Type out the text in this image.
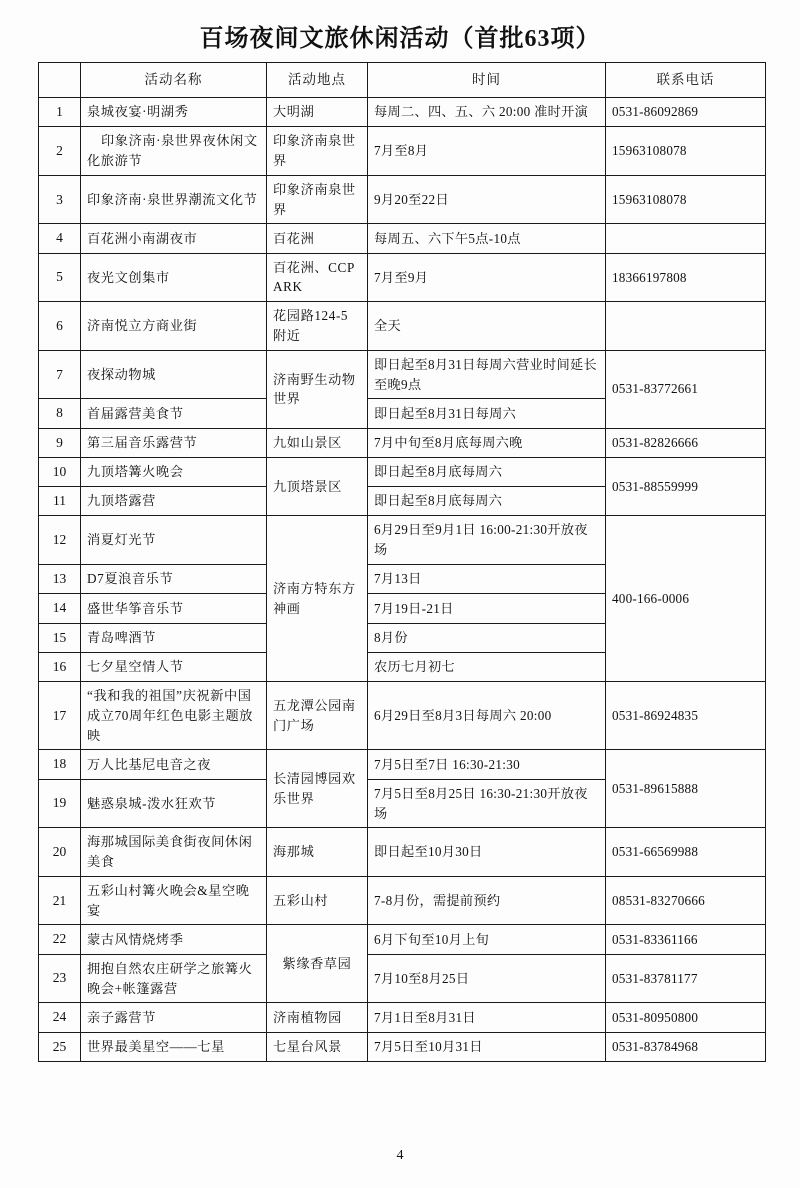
百场夜间文旅休闲活动（首批63项）
	活动名称	活动地点	时间	联系电话
1	泉城夜宴·明湖秀	大明湖	每周二、四、五、六 20:00 准时开演	0531-86092869
2	印象济南·泉世界夜休闲文化旅游节	印象济南泉世界	7月至8月	15963108078
3	印象济南·泉世界潮流文化节	印象济南泉世界	9月20至22日	15963108078
4	百花洲小南湖夜市	百花洲	每周五、六下午5点-10点	
5	夜光文创集市	百花洲、CCPARK	7月至9月	18366197808
6	济南悦立方商业街	花园路124-5附近	全天	
7	夜探动物城	济南野生动物世界	即日起至8月31日每周六营业时间延长至晚9点	0531-83772661
8	首届露营美食节		即日起至8月31日每周六	
9	第三届音乐露营节	九如山景区	7月中旬至8月底每周六晚	0531-82826666
10	九顶塔篝火晚会	九顶塔景区	即日起至8月底每周六	0531-88559999
11	九顶塔露营		即日起至8月底每周六	
12	消夏灯光节	济南方特东方神画	6月29日至9月1日 16:00-21:30开放夜场	400-166-0006
13	D7夏浪音乐节		7月13日	
14	盛世华筝音乐节		7月19日-21日	
15	青岛啤酒节		8月份	
16	七夕星空情人节		农历七月初七	
17	“我和我的祖国”庆祝新中国成立70周年红色电影主题放映	五龙潭公园南门广场	6月29日至8月3日每周六 20:00	0531-86924835
18	万人比基尼电音之夜	长清园博园欢乐世界	7月5日至7日 16:30-21:30	0531-89615888
19	魅惑泉城-泼水狂欢节		7月5日至8月25日 16:30-21:30开放夜场	
20	海那城国际美食街夜间休闲美食	海那城	即日起至10月30日	0531-66569988
21	五彩山村篝火晚会&星空晚宴	五彩山村	7-8月份，需提前预约	08531-83270666
22	蒙古风情烧烤季	紫缘香草园	6月下旬至10月上旬	0531-83361166
23	拥抱自然农庄研学之旅篝火晚会+帐篷露营		7月10至8月25日	0531-83781177
24	亲子露营节	济南植物园	7月1日至8月31日	0531-80950800
25	世界最美星空——七星	七星台风景	7月5日至10月31日	0531-83784968
4
